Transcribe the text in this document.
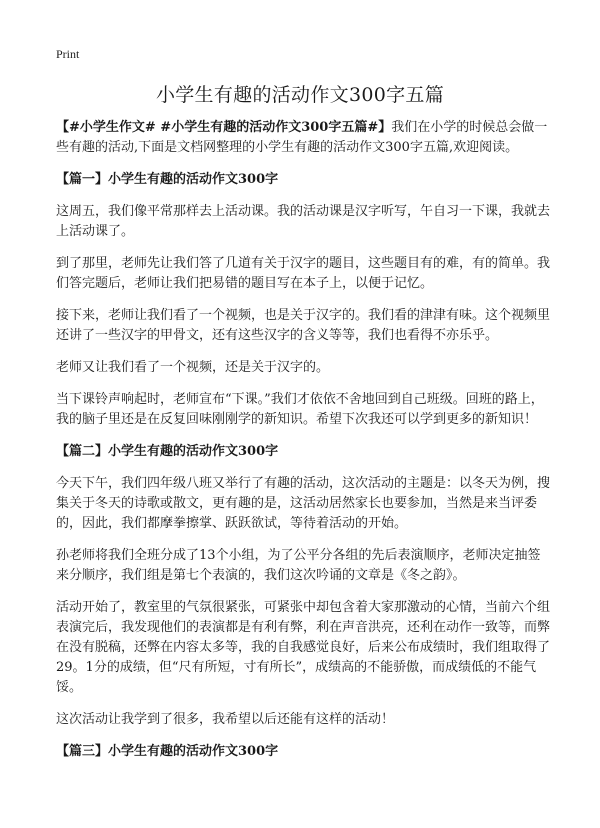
Print
小学生有趣的活动作文300字五篇

【#小学生作文# #小学生有趣的活动作文300字五篇#】我们在小学的时候总会做一些有趣的活动,下面是文档网整理的小学生有趣的活动作文300字五篇,欢迎阅读。

【篇一】小学生有趣的活动作文300字

这周五，我们像平常那样去上活动课。我的活动课是汉字听写，午自习一下课，我就去上活动课了。

到了那里，老师先让我们答了几道有关于汉字的题目，这些题目有的难，有的简单。我们答完题后，老师让我们把易错的题目写在本子上，以便于记忆。

接下来，老师让我们看了一个视频，也是关于汉字的。我们看的津津有味。这个视频里还讲了一些汉字的甲骨文，还有这些汉字的含义等等，我们也看得不亦乐乎。

老师又让我们看了一个视频，还是关于汉字的。

当下课铃声响起时，老师宣布“下课。”我们才依依不舍地回到自己班级。回班的路上，我的脑子里还是在反复回味刚刚学的新知识。希望下次我还可以学到更多的新知识！

【篇二】小学生有趣的活动作文300字

今天下午，我们四年级八班又举行了有趣的活动，这次活动的主题是：以冬天为例，搜集关于冬天的诗歌或散文，更有趣的是，这活动居然家长也要参加，当然是来当评委的，因此，我们都摩拳擦掌、跃跃欲试，等待着活动的开始。

孙老师将我们全班分成了13个小组，为了公平分各组的先后表演顺序，老师决定抽签来分顺序，我们组是第七个表演的，我们这次吟诵的文章是《冬之韵》。

活动开始了，教室里的气氛很紧张，可紧张中却包含着大家那激动的心情，当前六个组表演完后，我发现他们的表演都是有利有弊，利在声音洪亮，还利在动作一致等，而弊在没有脱稿，还弊在内容太多等，我的自我感觉良好，后来公布成绩时，我们组取得了29。1分的成绩，但“尺有所短，寸有所长”，成绩高的不能骄傲，而成绩低的不能气馁。

这次活动让我学到了很多，我希望以后还能有这样的活动！

【篇三】小学生有趣的活动作文300字
